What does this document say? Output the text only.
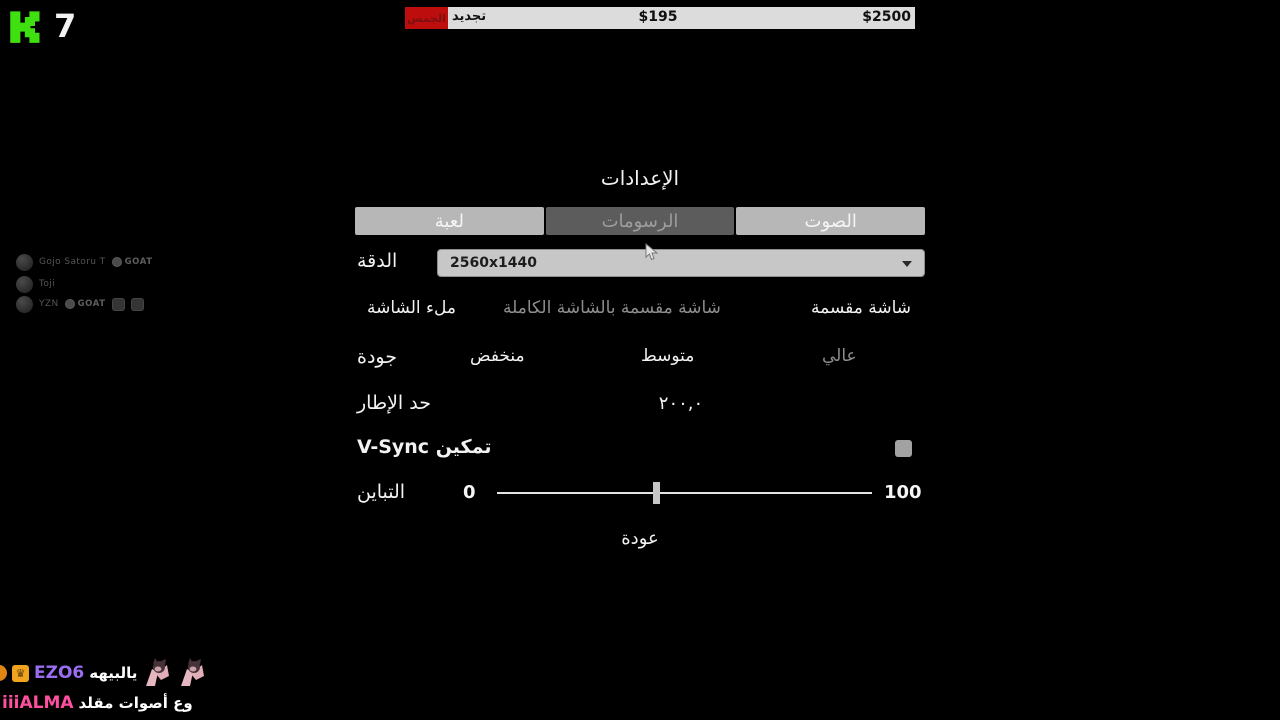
7	الجمس تجديد	$195	$2500
Gojo Satoru T GOAT
Toji
YZN GOAT
الإعدادات
لعبة	الرسومات	الصوت
الدقة	2560x1440
ملء الشاشة	شاشة مقسمة بالشاشة الكاملة	شاشة مقسمة
جودة	منخفض	متوسط	عالي
حد الإطار	٢٠٠,٠
تمكين V-Sync
التباين	0	100
عودة
♛ EZO6 يالبيهه
iiiALMA وع أصوات مقلد
